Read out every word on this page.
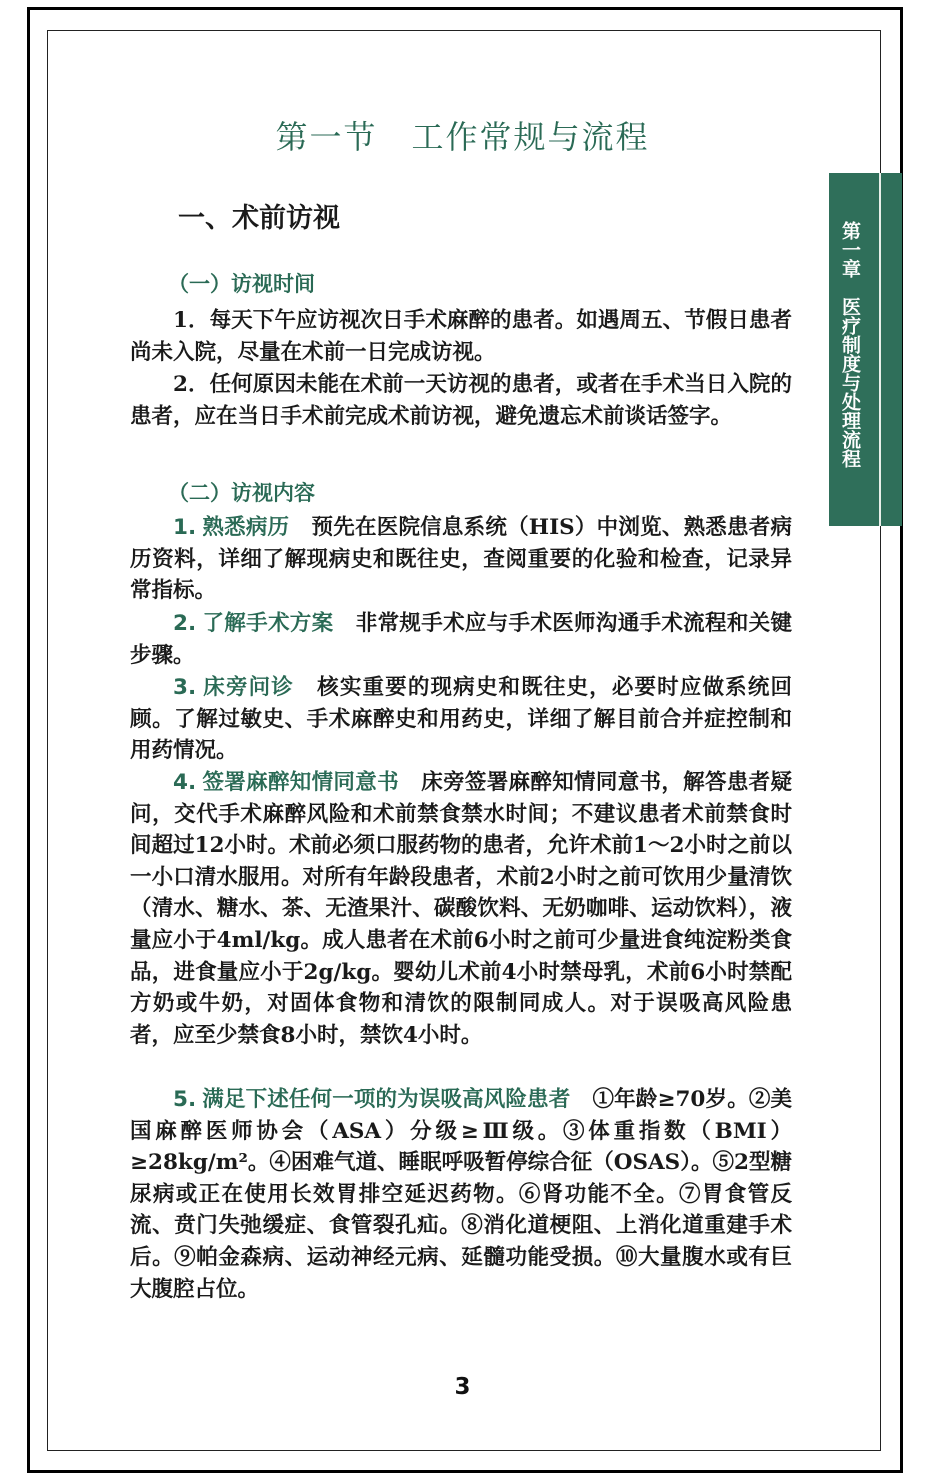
第一章　医疗制度与处理流程
第一节 工作常规与流程
一、术前访视
（一）访视时间
1．每天下午应访视次日手术麻醉的患者。如遇周五、节假日患者尚未入院，尽量在术前一日完成访视。
2．任何原因未能在术前一天访视的患者，或者在手术当日入院的患者，应在当日手术前完成术前访视，避免遗忘术前谈话签字。
（二）访视内容
1. 熟悉病历 预先在医院信息系统（HIS）中浏览、熟悉患者病历资料，详细了解现病史和既往史，查阅重要的化验和检查，记录异常指标。
2. 了解手术方案 非常规手术应与手术医师沟通手术流程和关键步骤。
3. 床旁问诊 核实重要的现病史和既往史，必要时应做系统回顾。了解过敏史、手术麻醉史和用药史，详细了解目前合并症控制和用药情况。
4. 签署麻醉知情同意书 床旁签署麻醉知情同意书，解答患者疑问，交代手术麻醉风险和术前禁食禁水时间；不建议患者术前禁食时间超过12小时。术前必须口服药物的患者，允许术前1～2小时之前以一小口清水服用。对所有年龄段患者，术前2小时之前可饮用少量清饮（清水、糖水、茶、无渣果汁、碳酸饮料、无奶咖啡、运动饮料），液量应小于4ml/kg。成人患者在术前6小时之前可少量进食纯淀粉类食品，进食量应小于2g/kg。婴幼儿术前4小时禁母乳，术前6小时禁配方奶或牛奶，对固体食物和清饮的限制同成人。对于误吸高风险患者，应至少禁食8小时，禁饮4小时。
5. 满足下述任何一项的为误吸高风险患者 ①年龄≥70岁。②美国麻醉医师协会（ASA）分级≥Ⅲ级。③体重指数（BMI）≥28kg/m²。④困难气道、睡眠呼吸暂停综合征（OSAS）。⑤2型糖尿病或正在使用长效胃排空延迟药物。⑥肾功能不全。⑦胃食管反流、贲门失弛缓症、食管裂孔疝。⑧消化道梗阻、上消化道重建手术后。⑨帕金森病、运动神经元病、延髓功能受损。⑩大量腹水或有巨大腹腔占位。
3
